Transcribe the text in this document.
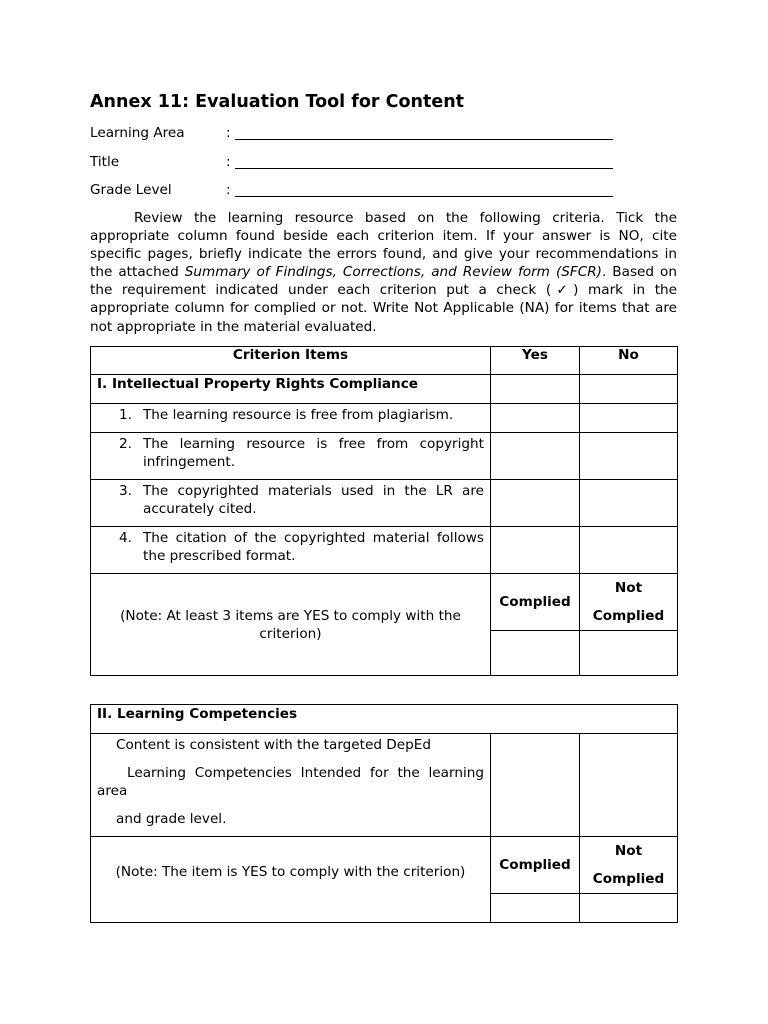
Annex 11: Evaluation Tool for Content
Learning Area	:
Title	:
Grade Level	:

Review the learning resource based on the following criteria. Tick the appropriate column found beside each criterion item. If your answer is NO, cite specific pages, briefly indicate the errors found, and give your recommendations in the attached Summary of Findings, Corrections, and Review form (SFCR). Based on the requirement indicated under each criterion put a check (✓) mark in the appropriate column for complied or not. Write Not Applicable (NA) for items that are not appropriate in the material evaluated.

Criterion Items	Yes	No
I. Intellectual Property Rights Compliance		

1. The learning resource is free from plagiarism.		

2. The learning resource is free from copyright infringement.		

3. The copyrighted materials used in the LR are accurately cited.		

4. The citation of the copyrighted material follows the prescribed format.		

(Note: At least 3 items are YES to comply with the criterion)	Complied	Not
Complied

II. Learning Competencies		

Content is consistent with the targeted DepEd
Learning Competencies Intended for the learning area
and grade level.		

(Note: The item is YES to comply with the criterion)	Complied	Not
Complied
